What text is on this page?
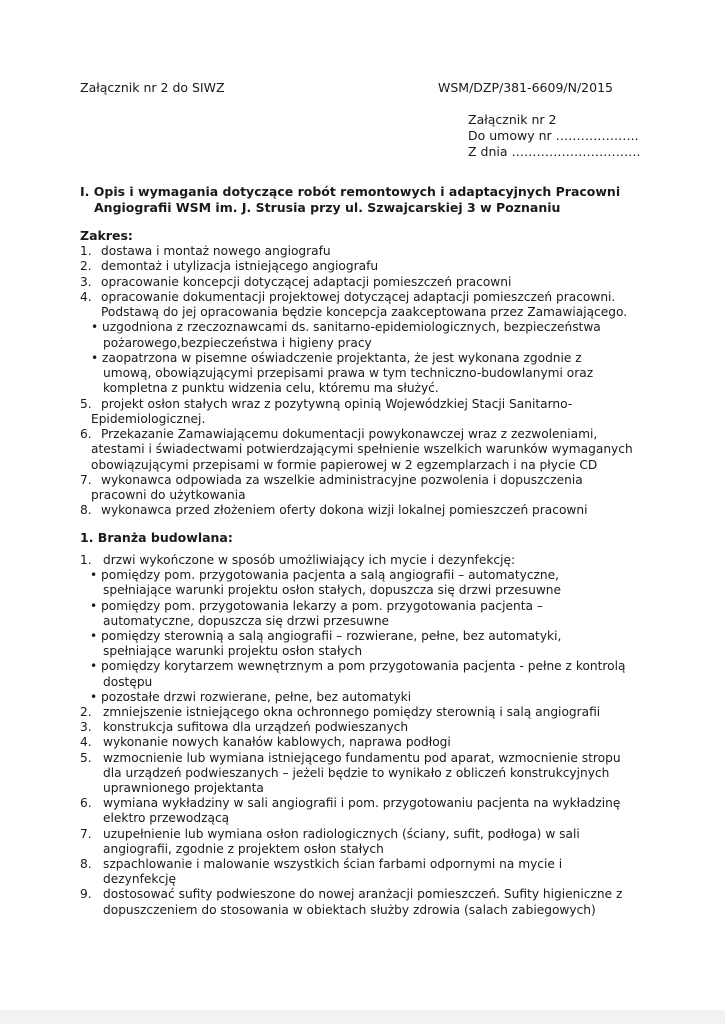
Załącznik nr 2 do SIWZ	WSM/DZP/381-6609/N/2015
Załącznik nr 2
Do umowy nr ………………..
Z dnia ………………………….
I. Opis i wymagania dotyczące robót remontowych i adaptacyjnych Pracowni
Angiografii WSM im. J. Strusia przy ul. Szwajcarskiej 3 w Poznaniu
Zakres:
1. dostawa i montaż nowego angiografu
2. demontaż i utylizacja istniejącego angiografu
3. opracowanie koncepcji dotyczącej adaptacji pomieszczeń pracowni
4. opracowanie dokumentacji projektowej dotyczącej adaptacji pomieszczeń pracowni.
Podstawą do jej opracowania będzie koncepcja zaakceptowana przez Zamawiającego.
• uzgodniona z rzeczoznawcami ds. sanitarno-epidemiologicznych, bezpieczeństwa
pożarowego,bezpieczeństwa i higieny pracy
• zaopatrzona w pisemne oświadczenie projektanta, że jest wykonana zgodnie z
umową, obowiązującymi przepisami prawa w tym techniczno-budowlanymi oraz
kompletna z punktu widzenia celu, któremu ma służyć.
5. projekt osłon stałych wraz z pozytywną opinią Wojewódzkiej Stacji Sanitarno-
Epidemiologicznej.
6. Przekazanie Zamawiającemu dokumentacji powykonawczej wraz z zezwoleniami,
atestami i świadectwami potwierdzającymi spełnienie wszelkich warunków wymaganych
obowiązującymi przepisami w formie papierowej w 2 egzemplarzach i na płycie CD
7. wykonawca odpowiada za wszelkie administracyjne pozwolenia i dopuszczenia
pracowni do użytkowania
8. wykonawca przed złożeniem oferty dokona wizji lokalnej pomieszczeń pracowni
1. Branża budowlana:
1. drzwi wykończone w sposób umożliwiający ich mycie i dezynfekcję:
• pomiędzy pom. przygotowania pacjenta a salą angiografii – automatyczne,
spełniające warunki projektu osłon stałych, dopuszcza się drzwi przesuwne
• pomiędzy pom. przygotowania lekarzy a pom. przygotowania pacjenta –
automatyczne, dopuszcza się drzwi przesuwne
• pomiędzy sterownią a salą angiografii – rozwierane, pełne, bez automatyki,
spełniające warunki projektu osłon stałych
• pomiędzy korytarzem wewnętrznym a pom przygotowania pacjenta - pełne z kontrolą
dostępu
• pozostałe drzwi rozwierane, pełne, bez automatyki
2. zmniejszenie istniejącego okna ochronnego pomiędzy sterownią i salą angiografii
3. konstrukcja sufitowa dla urządzeń podwieszanych
4. wykonanie nowych kanałów kablowych, naprawa podłogi
5. wzmocnienie lub wymiana istniejącego fundamentu pod aparat, wzmocnienie stropu
dla urządzeń podwieszanych – jeżeli będzie to wynikało z obliczeń konstrukcyjnych
uprawnionego projektanta
6. wymiana wykładziny w sali angiografii i pom. przygotowaniu pacjenta na wykładzinę
elektro przewodzącą
7. uzupełnienie lub wymiana osłon radiologicznych (ściany, sufit, podłoga) w sali
angiografii, zgodnie z projektem osłon stałych
8. szpachlowanie i malowanie wszystkich ścian farbami odpornymi na mycie i
dezynfekcję
9. dostosować sufity podwieszone do nowej aranżacji pomieszczeń. Sufity higieniczne z
dopuszczeniem do stosowania w obiektach służby zdrowia (salach zabiegowych)
